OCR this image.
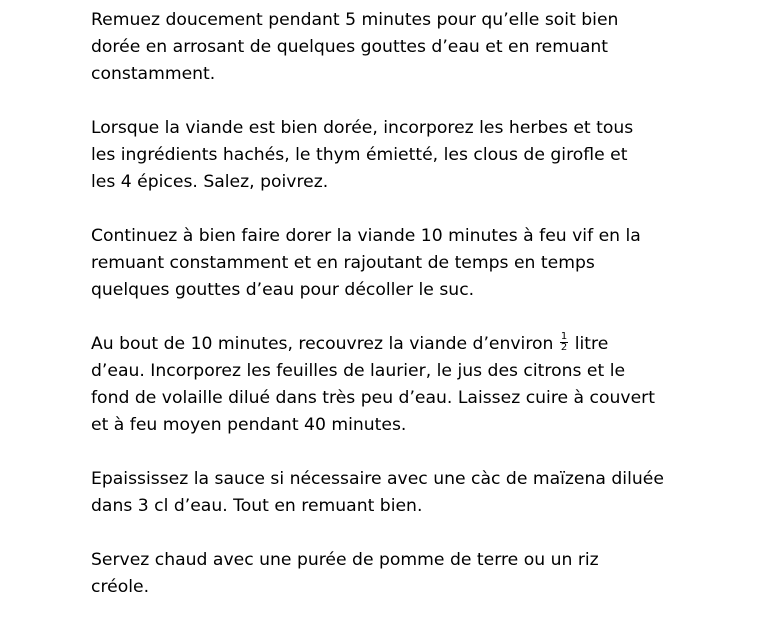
Remuez doucement pendant 5 minutes pour qu’elle soit bien
dorée en arrosant de quelques gouttes d’eau et en remuant
constamment.

Lorsque la viande est bien dorée, incorporez les herbes et tous
les ingrédients hachés, le thym émietté, les clous de girofle et
les 4 épices. Salez, poivrez.

Continuez à bien faire dorer la viande 10 minutes à feu vif en la
remuant constamment et en rajoutant de temps en temps
quelques gouttes d’eau pour décoller le suc.

Au bout de 10 minutes, recouvrez la viande d’environ $\frac{1}{2}$ litre
d’eau. Incorporez les feuilles de laurier, le jus des citrons et le
fond de volaille dilué dans très peu d’eau. Laissez cuire à couvert
et à feu moyen pendant 40 minutes.

Epaississez la sauce si nécessaire avec une càc de maïzena diluée
dans 3 cl d’eau. Tout en remuant bien.

Servez chaud avec une purée de pomme de terre ou un riz
créole.
